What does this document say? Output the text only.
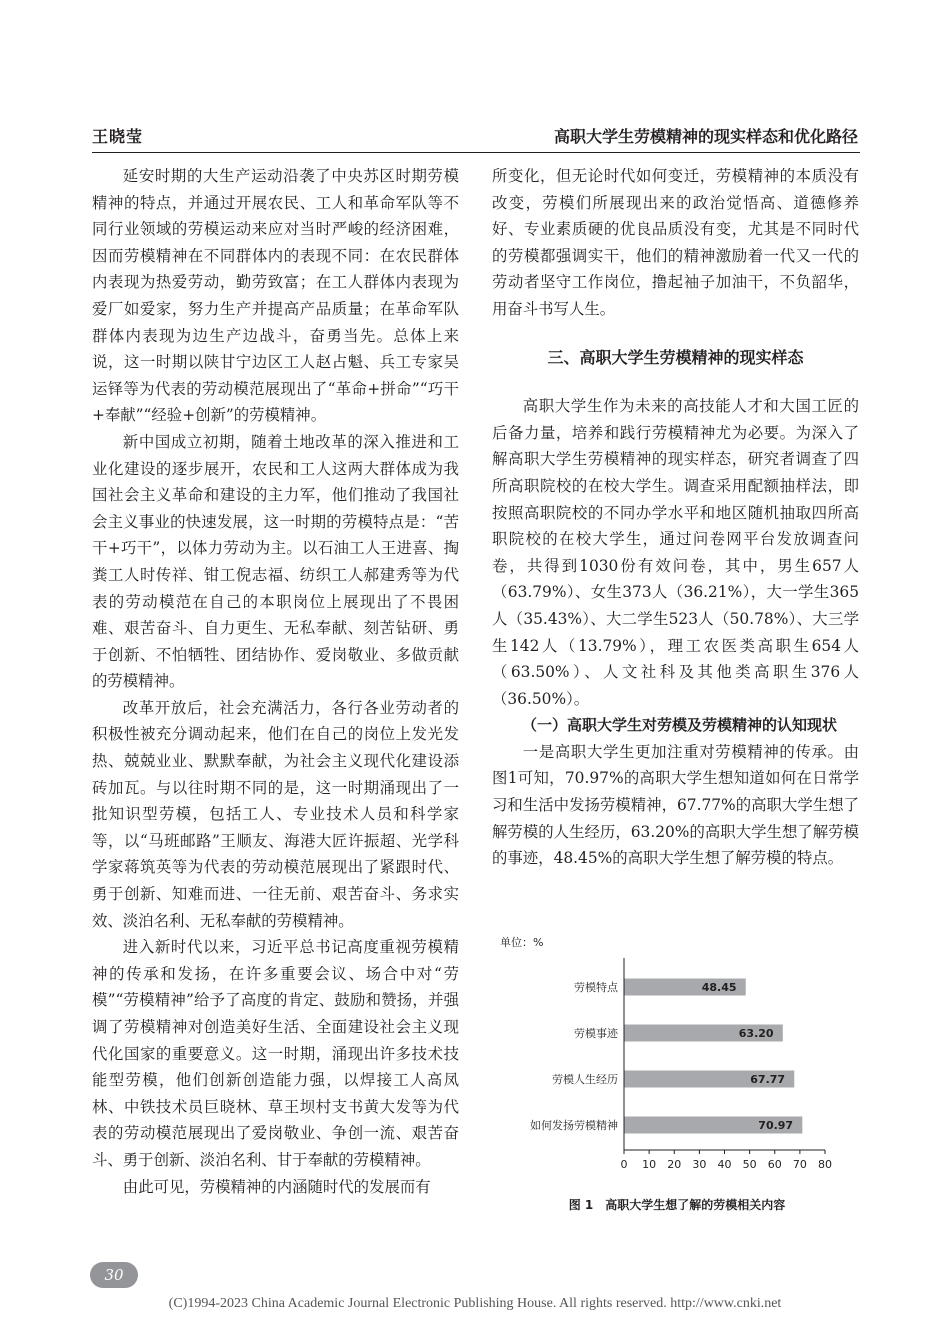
王晓莹	高职大学生劳模精神的现实样态和优化路径

延安时期的大生产运动沿袭了中央苏区时期劳模精神的特点，并通过开展农民、工人和革命军队等不同行业领域的劳模运动来应对当时严峻的经济困难，因而劳模精神在不同群体内的表现不同：在农民群体内表现为热爱劳动，勤劳致富；在工人群体内表现为爱厂如爱家，努力生产并提高产品质量；在革命军队群体内表现为边生产边战斗，奋勇当先。总体上来说，这一时期以陕甘宁边区工人赵占魁、兵工专家吴运铎等为代表的劳动模范展现出了“革命+拼命”“巧干+奉献”“经验+创新”的劳模精神。

新中国成立初期，随着土地改革的深入推进和工业化建设的逐步展开，农民和工人这两大群体成为我国社会主义革命和建设的主力军，他们推动了我国社会主义事业的快速发展，这一时期的劳模特点是：“苦干+巧干”，以体力劳动为主。以石油工人王进喜、掏粪工人时传祥、钳工倪志福、纺织工人郝建秀等为代表的劳动模范在自己的本职岗位上展现出了不畏困难、艰苦奋斗、自力更生、无私奉献、刻苦钻研、勇于创新、不怕牺牲、团结协作、爱岗敬业、多做贡献的劳模精神。

改革开放后，社会充满活力，各行各业劳动者的积极性被充分调动起来，他们在自己的岗位上发光发热、兢兢业业、默默奉献，为社会主义现代化建设添砖加瓦。与以往时期不同的是，这一时期涌现出了一批知识型劳模，包括工人、专业技术人员和科学家等，以“马班邮路”王顺友、海港大匠许振超、光学科学家蒋筑英等为代表的劳动模范展现出了紧跟时代、勇于创新、知难而进、一往无前、艰苦奋斗、务求实效、淡泊名利、无私奉献的劳模精神。

进入新时代以来，习近平总书记高度重视劳模精神的传承和发扬，在许多重要会议、场合中对“劳模”“劳模精神”给予了高度的肯定、鼓励和赞扬，并强调了劳模精神对创造美好生活、全面建设社会主义现代化国家的重要意义。这一时期，涌现出许多技术技能型劳模，他们创新创造能力强，以焊接工人高凤林、中铁技术员巨晓林、草王坝村支书黄大发等为代表的劳动模范展现出了爱岗敬业、争创一流、艰苦奋斗、勇于创新、淡泊名利、甘于奉献的劳模精神。

由此可见，劳模精神的内涵随时代的发展而有

所变化，但无论时代如何变迁，劳模精神的本质没有改变，劳模们所展现出来的政治觉悟高、道德修养好、专业素质硬的优良品质没有变，尤其是不同时代的劳模都强调实干，他们的精神激励着一代又一代的劳动者坚守工作岗位，撸起袖子加油干，不负韶华，用奋斗书写人生。

三、高职大学生劳模精神的现实样态

高职大学生作为未来的高技能人才和大国工匠的后备力量，培养和践行劳模精神尤为必要。为深入了解高职大学生劳模精神的现实样态，研究者调查了四所高职院校的在校大学生。调查采用配额抽样法，即按照高职院校的不同办学水平和地区随机抽取四所高职院校的在校大学生，通过问卷网平台发放调查问卷，共得到1030份有效问卷，其中，男生657人（63.79%）、女生373人（36.21%），大一学生365人（35.43%）、大二学生523人（50.78%）、大三学生142人（13.79%），理工农医类高职生654人（63.50%）、人文社科及其他类高职生376人（36.50%）。

（一）高职大学生对劳模及劳模精神的认知现状

一是高职大学生更加注重对劳模精神的传承。由图1可知，70.97%的高职大学生想知道如何在日常学习和生活中发扬劳模精神，67.77%的高职大学生想了解劳模的人生经历，63.20%的高职大学生想了解劳模的事迹，48.45%的高职大学生想了解劳模的特点。

单位：%
48.45
63.20
67.77
70.97
劳模特点
劳模事迹
劳模人生经历
如何发扬劳模精神
0 10 20 30 40 50 60 70 80
图 1　高职大学生想了解的劳模相关内容
30
(C)1994-2023 China Academic Journal Electronic Publishing House. All rights reserved. http://www.cnki.net
